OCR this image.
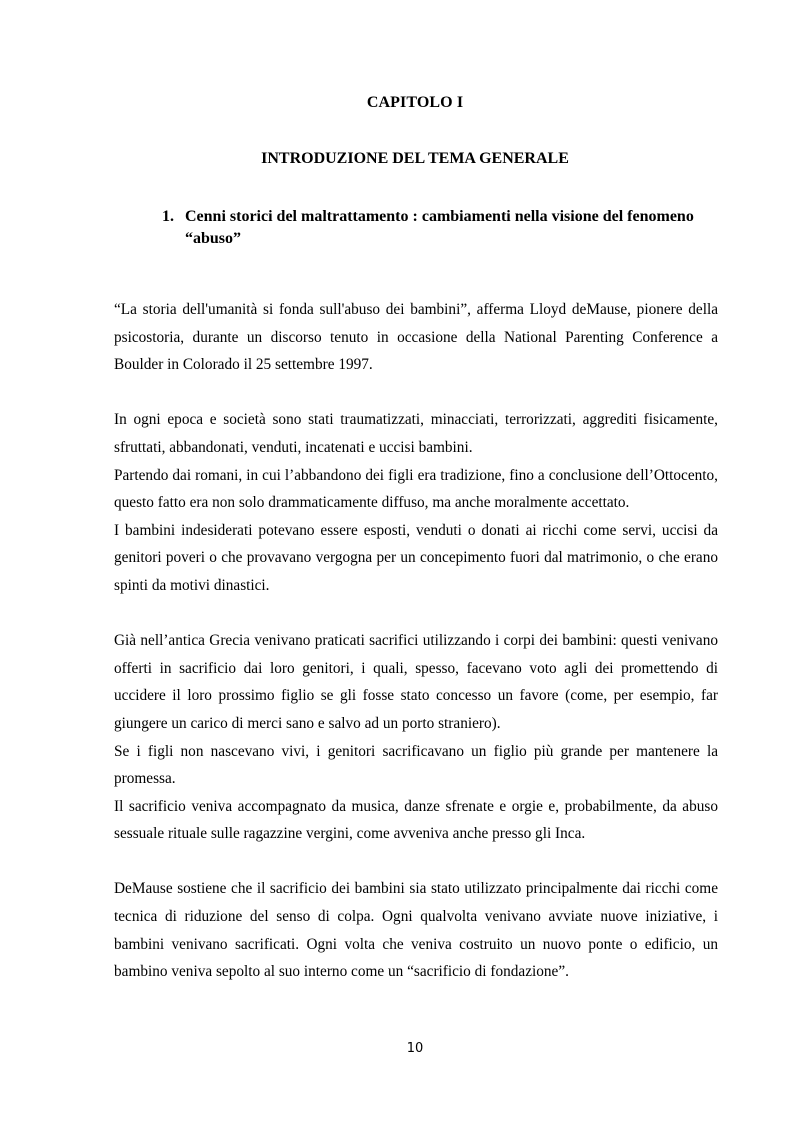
CAPITOLO I
INTRODUZIONE DEL TEMA GENERALE
1. Cenni storici del maltrattamento : cambiamenti nella visione del fenomeno “abuso”

“La storia dell'umanità si fonda sull'abuso dei bambini”, afferma Lloyd deMause, pionere della psicostoria, durante un discorso tenuto in occasione della National Parenting Conference a Boulder in Colorado il 25 settembre 1997.

In ogni epoca e società sono stati traumatizzati, minacciati, terrorizzati, aggrediti fisicamente, sfruttati, abbandonati, venduti, incatenati e uccisi bambini.

Partendo dai romani, in cui l’abbandono dei figli era tradizione, fino a conclusione dell’Ottocento, questo fatto era non solo drammaticamente diffuso, ma anche moralmente accettato.

I bambini indesiderati potevano essere esposti, venduti o donati ai ricchi come servi, uccisi da genitori poveri o che provavano vergogna per un concepimento fuori dal matrimonio, o che erano spinti da motivi dinastici.

Già nell’antica Grecia venivano praticati sacrifici utilizzando i corpi dei bambini: questi venivano offerti in sacrificio dai loro genitori, i quali, spesso, facevano voto agli dei promettendo di uccidere il loro prossimo figlio se gli fosse stato concesso un favore (come, per esempio, far giungere un carico di merci sano e salvo ad un porto straniero).

Se i figli non nascevano vivi, i genitori sacrificavano un figlio più grande per mantenere la promessa.

Il sacrificio veniva accompagnato da musica, danze sfrenate e orgie e, probabilmente, da abuso sessuale rituale sulle ragazzine vergini, come avveniva anche presso gli Inca.

DeMause sostiene che il sacrificio dei bambini sia stato utilizzato principalmente dai ricchi come tecnica di riduzione del senso di colpa. Ogni qualvolta venivano avviate nuove iniziative, i bambini venivano sacrificati. Ogni volta che veniva costruito un nuovo ponte o edificio, un bambino veniva sepolto al suo interno come un “sacrificio di fondazione”.

10
